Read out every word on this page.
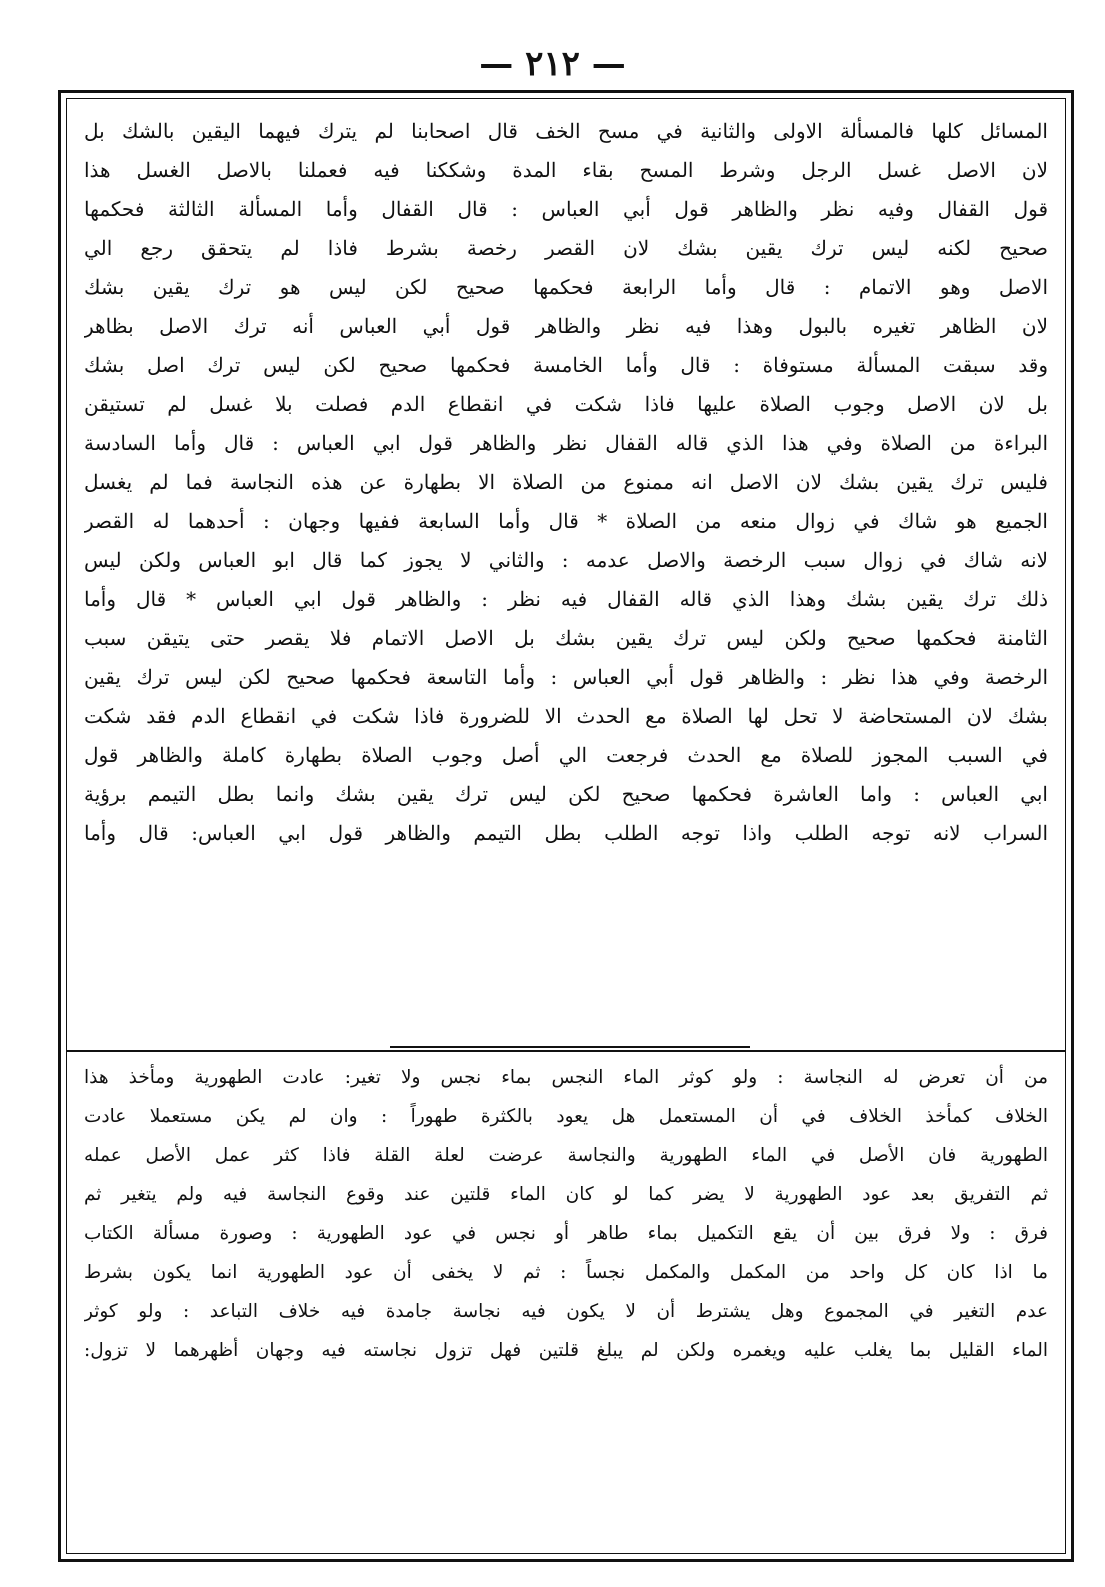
— ٢١٢ —
المسائل كلها فالمسألة الاولى والثانية في مسح الخف قال اصحابنا لم يترك فيهما اليقين بالشك بل
لان الاصل غسل الرجل وشرط المسح بقاء المدة وشككنا فيه فعملنا بالاصل الغسل هذا
قول القفال وفيه نظر والظاهر قول أبي العباس : قال القفال وأما المسألة الثالثة فحكمها
صحيح لكنه ليس ترك يقين بشك لان القصر رخصة بشرط فاذا لم يتحقق رجع الي
الاصل وهو الاتمام : قال وأما الرابعة فحكمها صحيح لكن ليس هو ترك يقين بشك
لان الظاهر تغيره بالبول وهذا فيه نظر والظاهر قول أبي العباس أنه ترك الاصل بظاهر
وقد سبقت المسألة مستوفاة : قال وأما الخامسة فحكمها صحيح لكن ليس ترك اصل بشك
بل لان الاصل وجوب الصلاة عليها فاذا شكت في انقطاع الدم فصلت بلا غسل لم تستيقن
البراءة من الصلاة وفي هذا الذي قاله القفال نظر والظاهر قول ابي العباس : قال وأما السادسة
فليس ترك يقين بشك لان الاصل انه ممنوع من الصلاة الا بطهارة عن هذه النجاسة فما لم يغسل
الجميع هو شاك في زوال منعه من الصلاة * قال وأما السابعة ففيها وجهان : أحدهما له القصر
لانه شاك في زوال سبب الرخصة والاصل عدمه : والثاني لا يجوز كما قال ابو العباس ولكن ليس
ذلك ترك يقين بشك وهذا الذي قاله القفال فيه نظر : والظاهر قول ابي العباس * قال وأما
الثامنة فحكمها صحيح ولكن ليس ترك يقين بشك بل الاصل الاتمام فلا يقصر حتى يتيقن سبب
الرخصة وفي هذا نظر : والظاهر قول أبي العباس : وأما التاسعة فحكمها صحيح لكن ليس ترك يقين
بشك لان المستحاضة لا تحل لها الصلاة مع الحدث الا للضرورة فاذا شكت في انقطاع الدم فقد شكت
في السبب المجوز للصلاة مع الحدث فرجعت الي أصل وجوب الصلاة بطهارة كاملة والظاهر قول
ابي العباس : واما العاشرة فحكمها صحيح لكن ليس ترك يقين بشك وانما بطل التيمم برؤية
السراب لانه توجه الطلب واذا توجه الطلب بطل التيمم والظاهر قول ابي العباس: قال وأما
من أن تعرض له النجاسة : ولو كوثر الماء النجس بماء نجس ولا تغير: عادت الطهورية ومأخذ هذا
الخلاف كمأخذ الخلاف في أن المستعمل هل يعود بالكثرة طهوراً : وان لم يكن مستعملا عادت
الطهورية فان الأصل في الماء الطهورية والنجاسة عرضت لعلة القلة فاذا كثر عمل الأصل عمله
ثم التفريق بعد عود الطهورية لا يضر كما لو كان الماء قلتين عند وقوع النجاسة فيه ولم يتغير ثم
فرق : ولا فرق بين أن يقع التكميل بماء طاهر أو نجس في عود الطهورية : وصورة مسألة الكتاب
ما اذا كان كل واحد من المكمل والمكمل نجساً : ثم لا يخفى أن عود الطهورية انما يكون بشرط
عدم التغير في المجموع وهل يشترط أن لا يكون فيه نجاسة جامدة فيه خلاف التباعد : ولو كوثر
الماء القليل بما يغلب عليه ويغمره ولكن لم يبلغ قلتين فهل تزول نجاسته فيه وجهان أظهرهما لا تزول:
